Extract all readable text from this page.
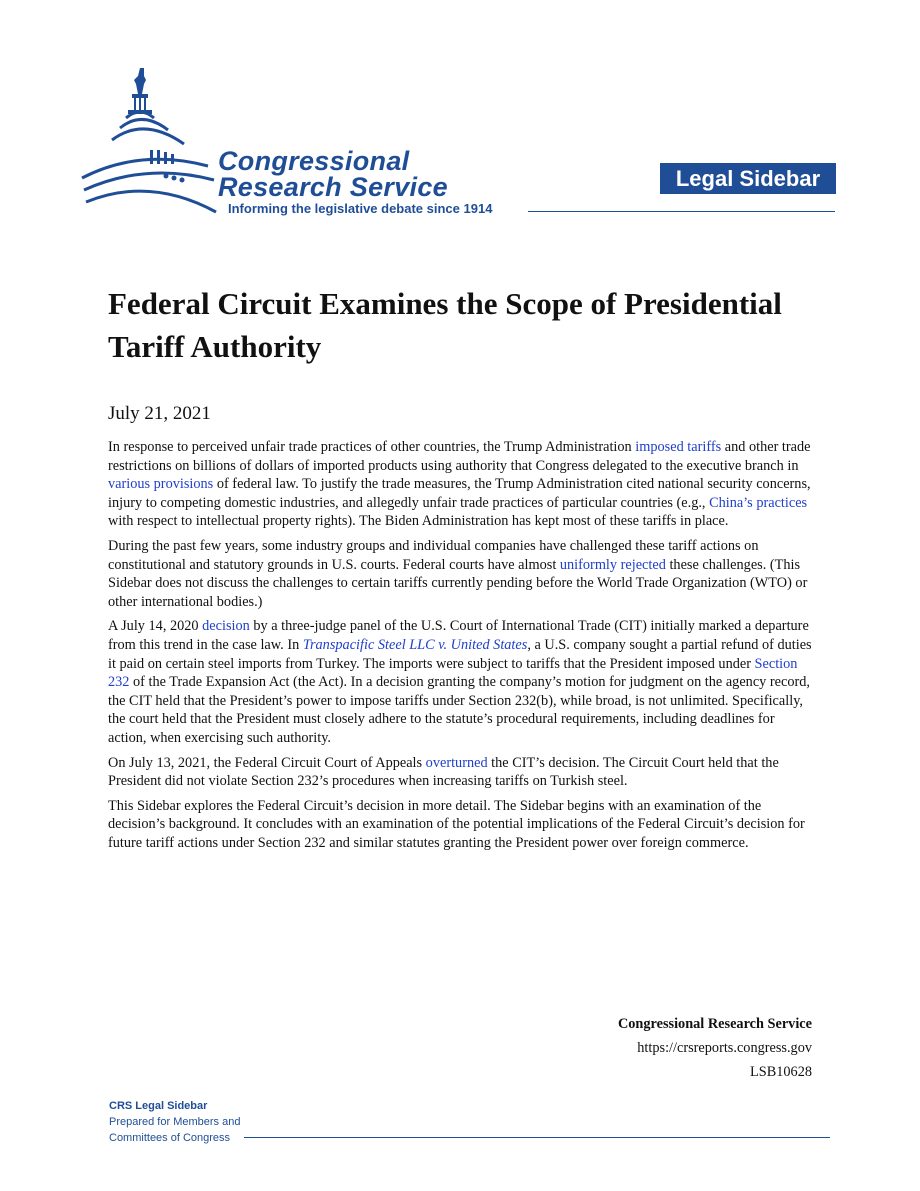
Congressional
Research Service
Informing the legislative debate since 1914
Legal Sidebar
Federal Circuit Examines the Scope of Presidential Tariff Authority
July 21, 2021

In response to perceived unfair trade practices of other countries, the Trump Administration imposed tariffs and other trade restrictions on billions of dollars of imported products using authority that Congress delegated to the executive branch in various provisions of federal law. To justify the trade measures, the Trump Administration cited national security concerns, injury to competing domestic industries, and allegedly unfair trade practices of particular countries (e.g., China’s practices with respect to intellectual property rights). The Biden Administration has kept most of these tariffs in place.

During the past few years, some industry groups and individual companies have challenged these tariff actions on constitutional and statutory grounds in U.S. courts. Federal courts have almost uniformly rejected these challenges. (This Sidebar does not discuss the challenges to certain tariffs currently pending before the World Trade Organization (WTO) or other international bodies.)

A July 14, 2020 decision by a three-judge panel of the U.S. Court of International Trade (CIT) initially marked a departure from this trend in the case law. In Transpacific Steel LLC v. United States, a U.S. company sought a partial refund of duties it paid on certain steel imports from Turkey. The imports were subject to tariffs that the President imposed under Section 232 of the Trade Expansion Act (the Act). In a decision granting the company’s motion for judgment on the agency record, the CIT held that the President’s power to impose tariffs under Section 232(b), while broad, is not unlimited. Specifically, the court held that the President must closely adhere to the statute’s procedural requirements, including deadlines for action, when exercising such authority.

On July 13, 2021, the Federal Circuit Court of Appeals overturned the CIT’s decision. The Circuit Court held that the President did not violate Section 232’s procedures when increasing tariffs on Turkish steel.

This Sidebar explores the Federal Circuit’s decision in more detail. The Sidebar begins with an examination of the decision’s background. It concludes with an examination of the potential implications of the Federal Circuit’s decision for future tariff actions under Section 232 and similar statutes granting the President power over foreign commerce.

Congressional Research Service
https://crsreports.congress.gov
LSB10628
CRS Legal Sidebar
Prepared for Members and
Committees of Congress
